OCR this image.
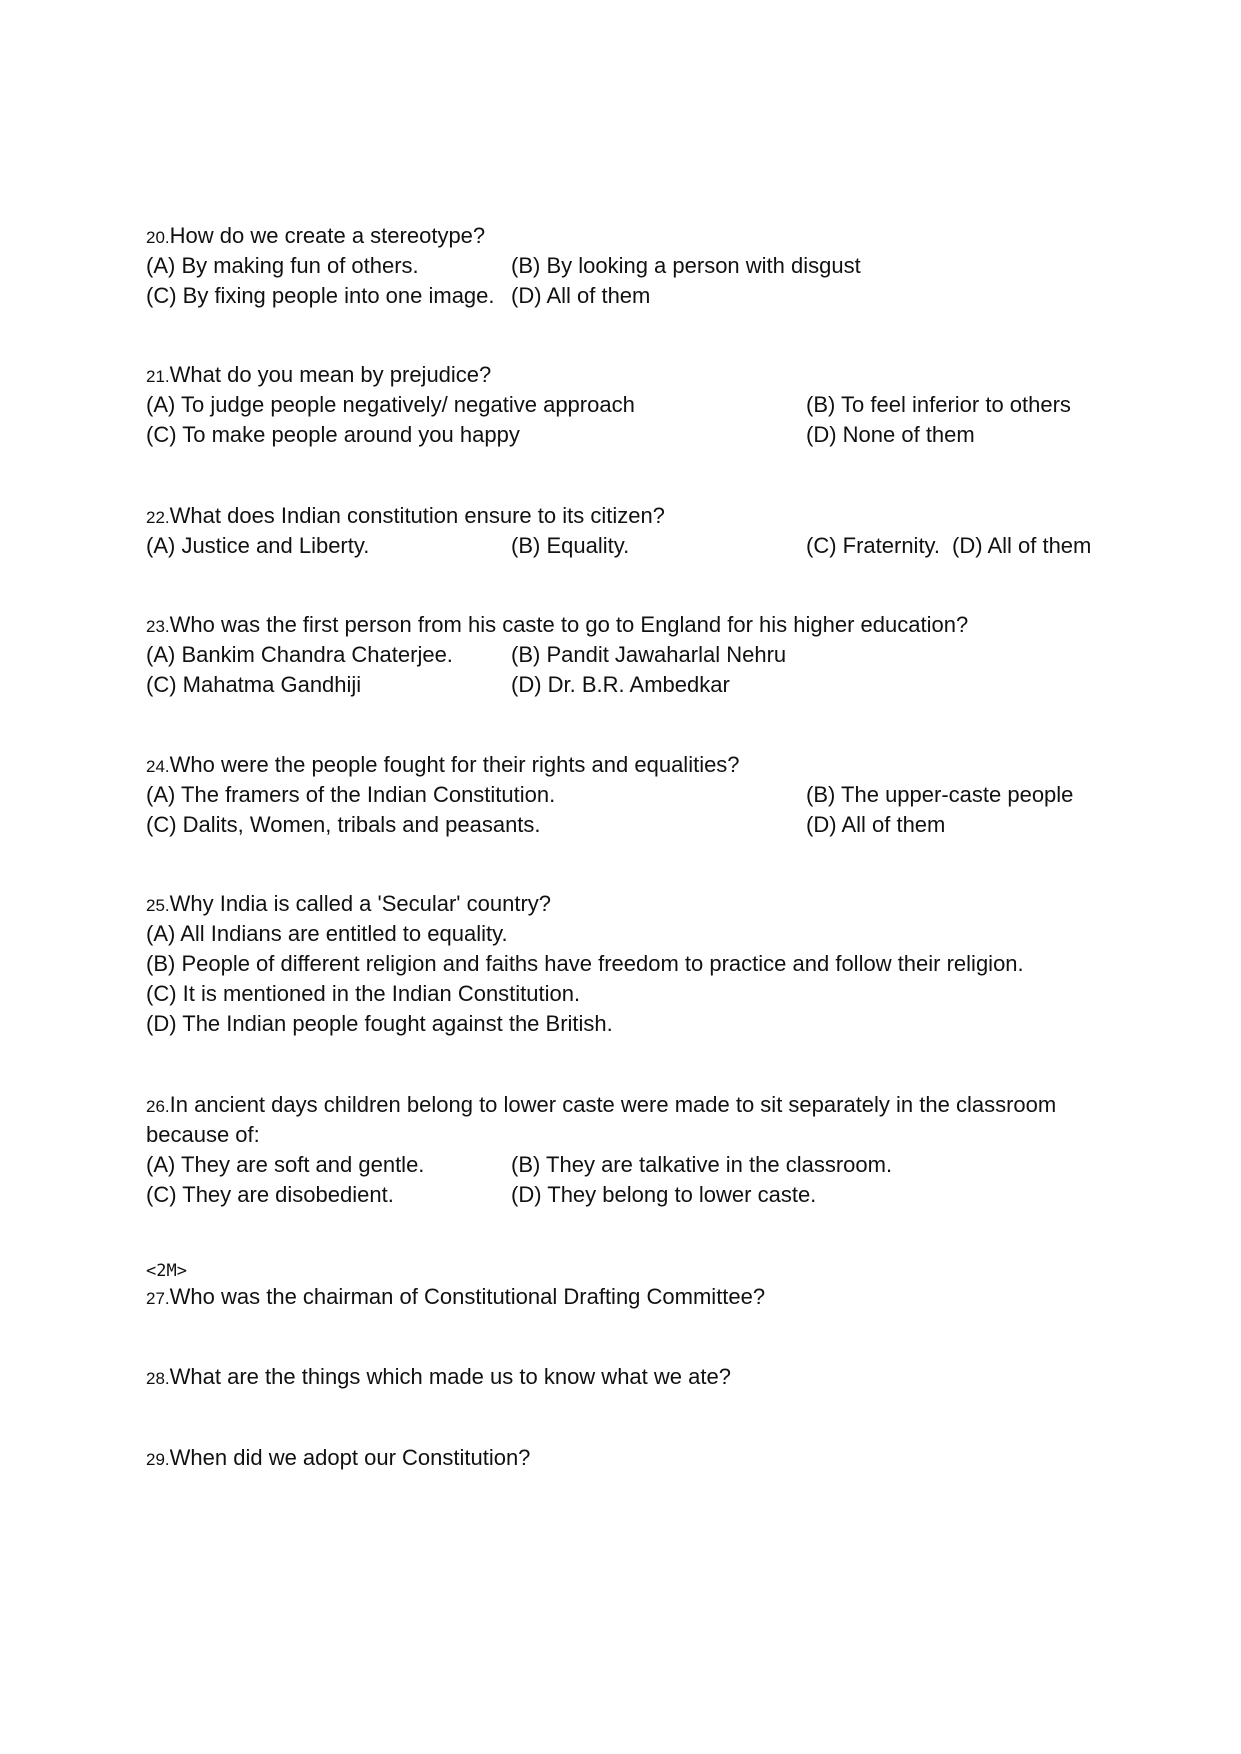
20.How do we create a stereotype?
(A) By making fun of others.	(B) By looking a person with disgust
(C) By fixing people into one image. (D) All of them
21.What do you mean by prejudice?
(A) To judge people negatively/ negative approach	(B) To feel inferior to others
(C) To make people around you happy	(D) None of them
22.What does Indian constitution ensure to its citizen?
(A) Justice and Liberty.	(B) Equality.	(C) Fraternity. (D) All of them
23.Who was the first person from his caste to go to England for his higher education?
(A) Bankim Chandra Chaterjee.	(B) Pandit Jawaharlal Nehru
(C) Mahatma Gandhiji	(D) Dr. B.R. Ambedkar
24.Who were the people fought for their rights and equalities?
(A) The framers of the Indian Constitution.	(B) The upper-caste people
(C) Dalits, Women, tribals and peasants.	(D) All of them
25.Why India is called a 'Secular' country?
(A) All Indians are entitled to equality.
(B) People of different religion and faiths have freedom to practice and follow their religion.
(C) It is mentioned in the Indian Constitution.
(D) The Indian people fought against the British.
26.In ancient days children belong to lower caste were made to sit separately in the classroom
because of:
(A) They are soft and gentle.	(B) They are talkative in the classroom.
(C) They are disobedient.	(D) They belong to lower caste.
<2M>
27.Who was the chairman of Constitutional Drafting Committee?
28.What are the things which made us to know what we ate?
29.When did we adopt our Constitution?
